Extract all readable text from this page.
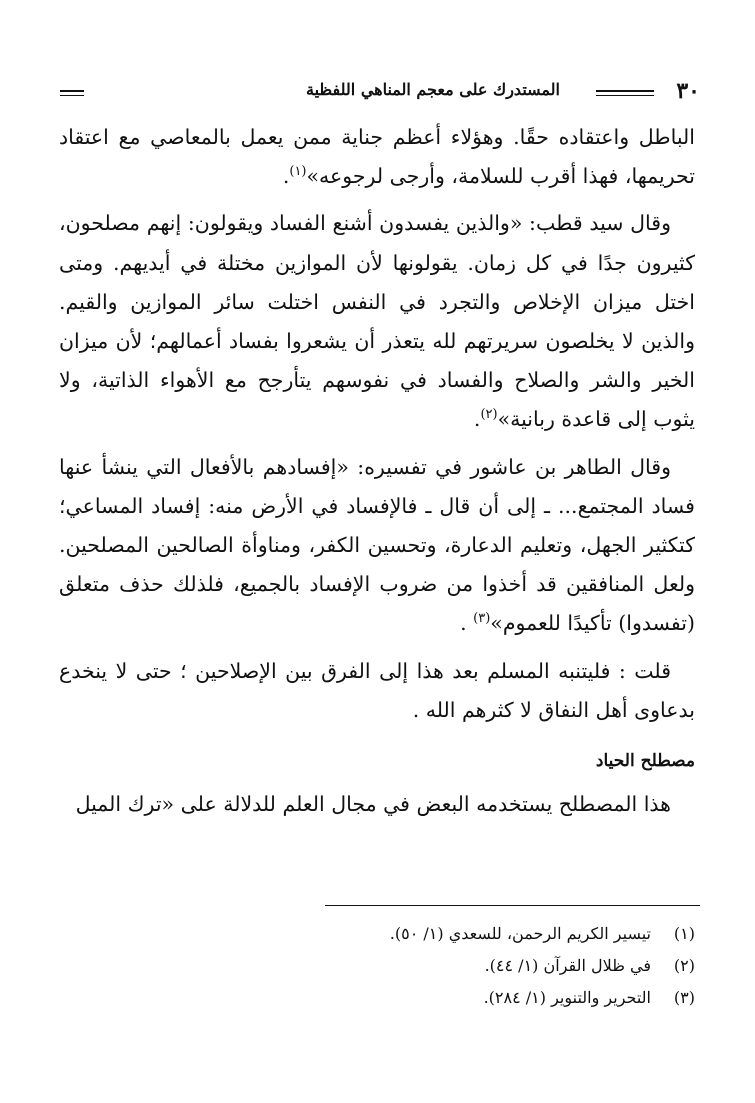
٣٠
المستدرك على معجم المناهي اللفظية

الباطل واعتقاده حقًا. وهؤلاء أعظم جناية ممن يعمل بالمعاصي مع اعتقاد تحريمها، فهذا أقرب للسلامة، وأرجى لرجوعه»$^{(١)}$.

وقال سيد قطب: «والذين يفسدون أشنع الفساد ويقولون: إنهم مصلحون، كثيرون جدًا في كل زمان. يقولونها لأن الموازين مختلة في أيديهم. ومتى اختل ميزان الإخلاص والتجرد في النفس اختلت سائر الموازين والقيم. والذين لا يخلصون سريرتهم لله يتعذر أن يشعروا بفساد أعمالهم؛ لأن ميزان الخير والشر والصلاح والفساد في نفوسهم يتأرجح مع الأهواء الذاتية، ولا يثوب إلى قاعدة ربانية»$^{(٢)}$.

وقال الطاهر بن عاشور في تفسيره: «إفسادهم بالأفعال التي ينشأ عنها فساد المجتمع... ـ إلى أن قال ـ فالإفساد في الأرض منه: إفساد المساعي؛ كتكثير الجهل، وتعليم الدعارة، وتحسين الكفر، ومناوأة الصالحين المصلحين. ولعل المنافقين قد أخذوا من ضروب الإفساد بالجميع، فلذلك حذف متعلق (تفسدوا) تأكيدًا للعموم»$^{(٣)}$ .

قلت : فليتنبه المسلم بعد هذا إلى الفرق بين الإصلاحين ؛ حتى لا ينخدع بدعاوى أهل النفاق لا كثرهم الله .

مصطلح الحياد

هذا المصطلح يستخدمه البعض في مجال العلم للدلالة على «ترك الميل

(١)تيسير الكريم الرحمن، للسعدي (١/ ٥٠).
(٢)في ظلال القرآن (١/ ٤٤).
(٣)التحرير والتنوير (١/ ٢٨٤).
